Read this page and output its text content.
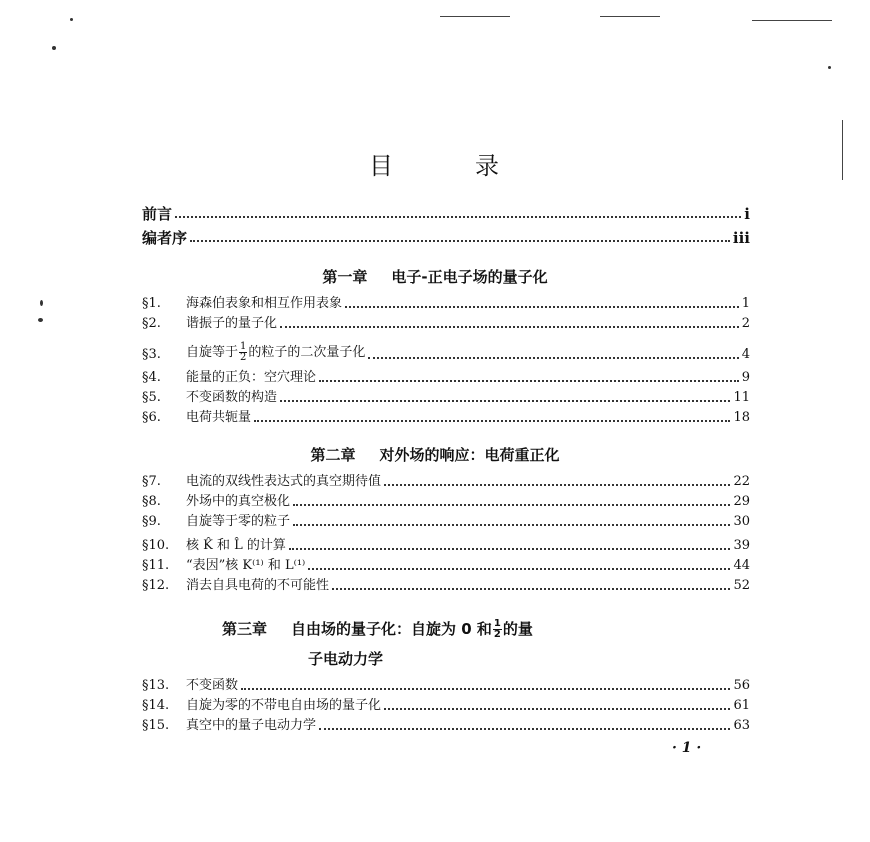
目	录
前言	i
编者序	iii
第一章 电子-正电子场的量子化
§1.	海森伯表象和相互作用表象	1
§2.	谐振子的量子化	2
§3.	自旋等于 $\frac{1}{2}$ 的粒子的二次量子化	4
§4.	能量的正负：空穴理论	9
§5.	不变函数的构造	11
§6.	电荷共轭量	18
第二章 对外场的响应：电荷重正化
§7.	电流的双线性表达式的真空期待值	22
§8.	外场中的真空极化	29
§9.	自旋等于零的粒子	30
§10.	核 K̂ 和 L̂ 的计算	39
§11.	“表因”核 K⁽¹⁾ 和 L⁽¹⁾	44
§12.	消去自具电荷的不可能性	52
第三章 自由场的量子化：自旋为 0 和 $\frac{1}{2}$ 的量
子电动力学
§13.	不变函数	56
§14.	自旋为零的不带电自由场的量子化	61
§15.	真空中的量子电动力学	63
· 1 ·
